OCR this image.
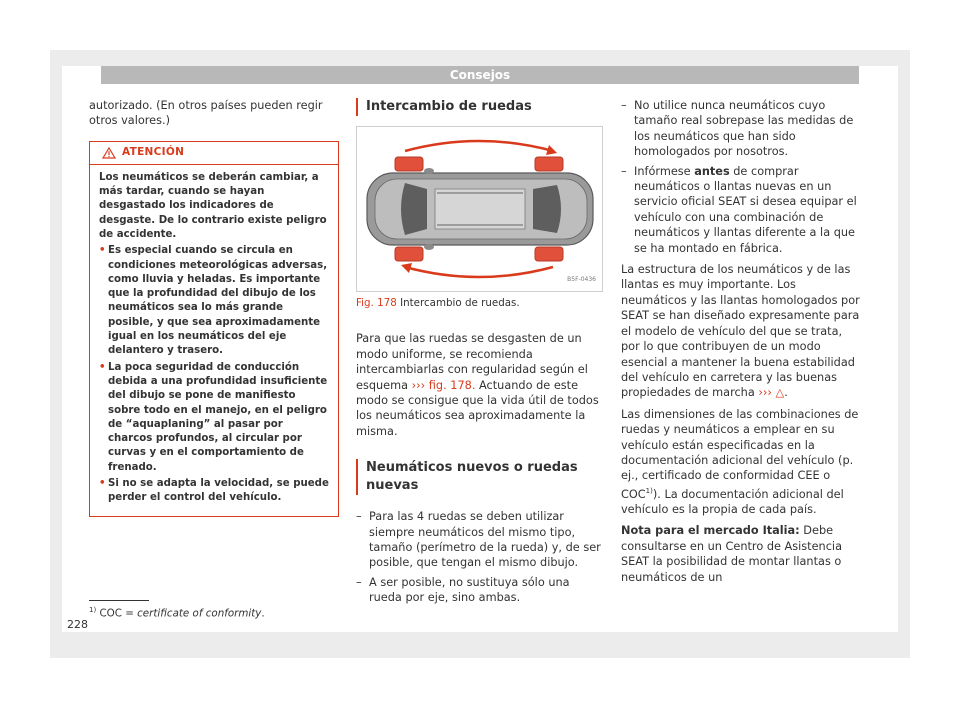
Consejos

autorizado. (En otros países pueden regir otros valores.)

ATENCIÓN

Los neumáticos se deberán cambiar, a más tardar, cuando se hayan desgastado los indicadores de desgaste. De lo contrario existe peligro de accidente.

• Es especial cuando se circula en condiciones meteorológicas adversas, como lluvia y heladas. Es importante que la profundidad del dibujo de los neumáticos sea lo más grande posible, y que sea aproximadamente igual en los neumáticos del eje delantero y trasero.

• La poca seguridad de conducción debida a una profundidad insuficiente del dibujo se pone de manifiesto sobre todo en el manejo, en el peligro de “aquaplaning” al pasar por charcos profundos, al circular por curvas y en el comportamiento de frenado.

• Si no se adapta la velocidad, se puede perder el control del vehículo.

Intercambio de ruedas
B5F-0436
Fig. 178 Intercambio de ruedas.

Para que las ruedas se desgasten de un modo uniforme, se recomienda intercambiarlas con regularidad según el esquema ››› fig. 178. Actuando de este modo se consigue que la vida útil de todos los neumáticos sea aproximadamente la misma.

Neumáticos nuevos o ruedas nuevas
– Para las 4 ruedas se deben utilizar siempre neumáticos del mismo tipo, tamaño (perímetro de la rueda) y, de ser posible, que tengan el mismo dibujo.
– A ser posible, no sustituya sólo una rueda por eje, sino ambas.
– No utilice nunca neumáticos cuyo tamaño real sobrepase las medidas de los neumáticos que han sido homologados por nosotros.
– Infórmese antes de comprar neumáticos o llantas nuevas en un servicio oficial SEAT si desea equipar el vehículo con una combinación de neumáticos y llantas diferente a la que se ha montado en fábrica.

La estructura de los neumáticos y de las llantas es muy importante. Los neumáticos y las llantas homologados por SEAT se han diseñado expresamente para el modelo de vehículo del que se trata, por lo que contribuyen de un modo esencial a mantener la buena estabilidad del vehículo en carretera y las buenas propiedades de marcha ››› △.

Las dimensiones de las combinaciones de ruedas y neumáticos a emplear en su vehículo están especificadas en la documentación adicional del vehículo (p. ej., certificado de conformidad CEE o COC$^{1)}$). La documentación adicional del vehículo es la propia de cada país.

Nota para el mercado Italia: Debe consultarse en un Centro de Asistencia SEAT la posibilidad de montar llantas o neumáticos de un

$^{1)}$ COC = certificate of conformity.
228
